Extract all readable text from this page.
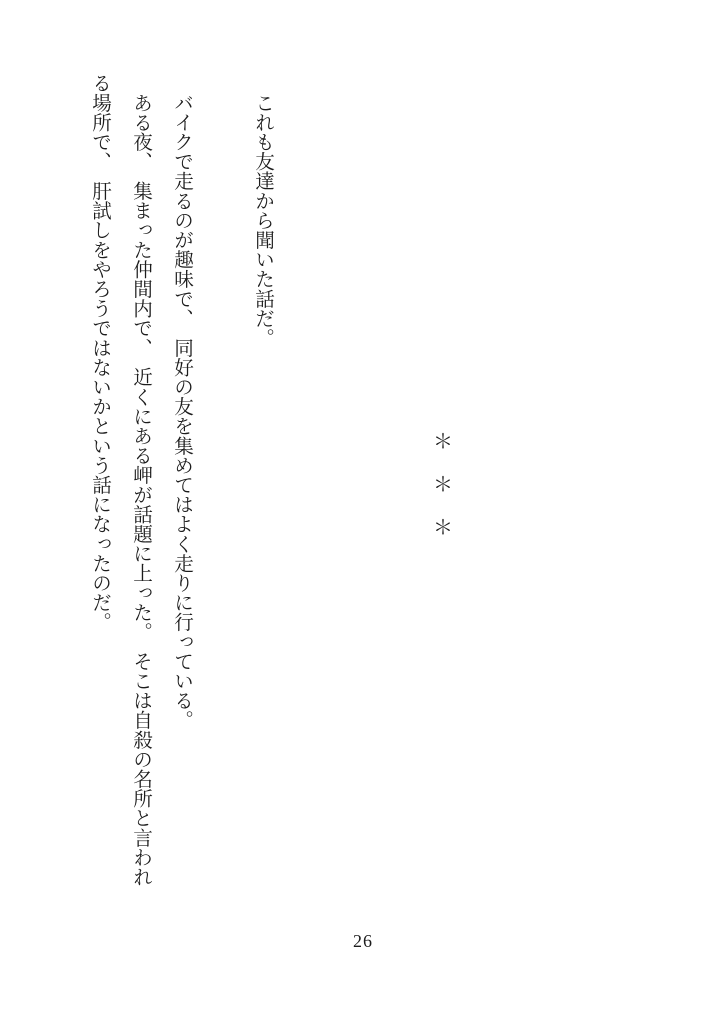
＊
＊
＊
　これも友達から聞いた話だ。
　バイクで走るのが趣味で、 同好の友を集めてはよく走りに行っている。
　ある夜、 集まった仲間内で、 近くにある岬が話題に上った。 そこは自殺の名所と言われ
る場所で、 肝試しをやろうではないかという話になったのだ。
26
